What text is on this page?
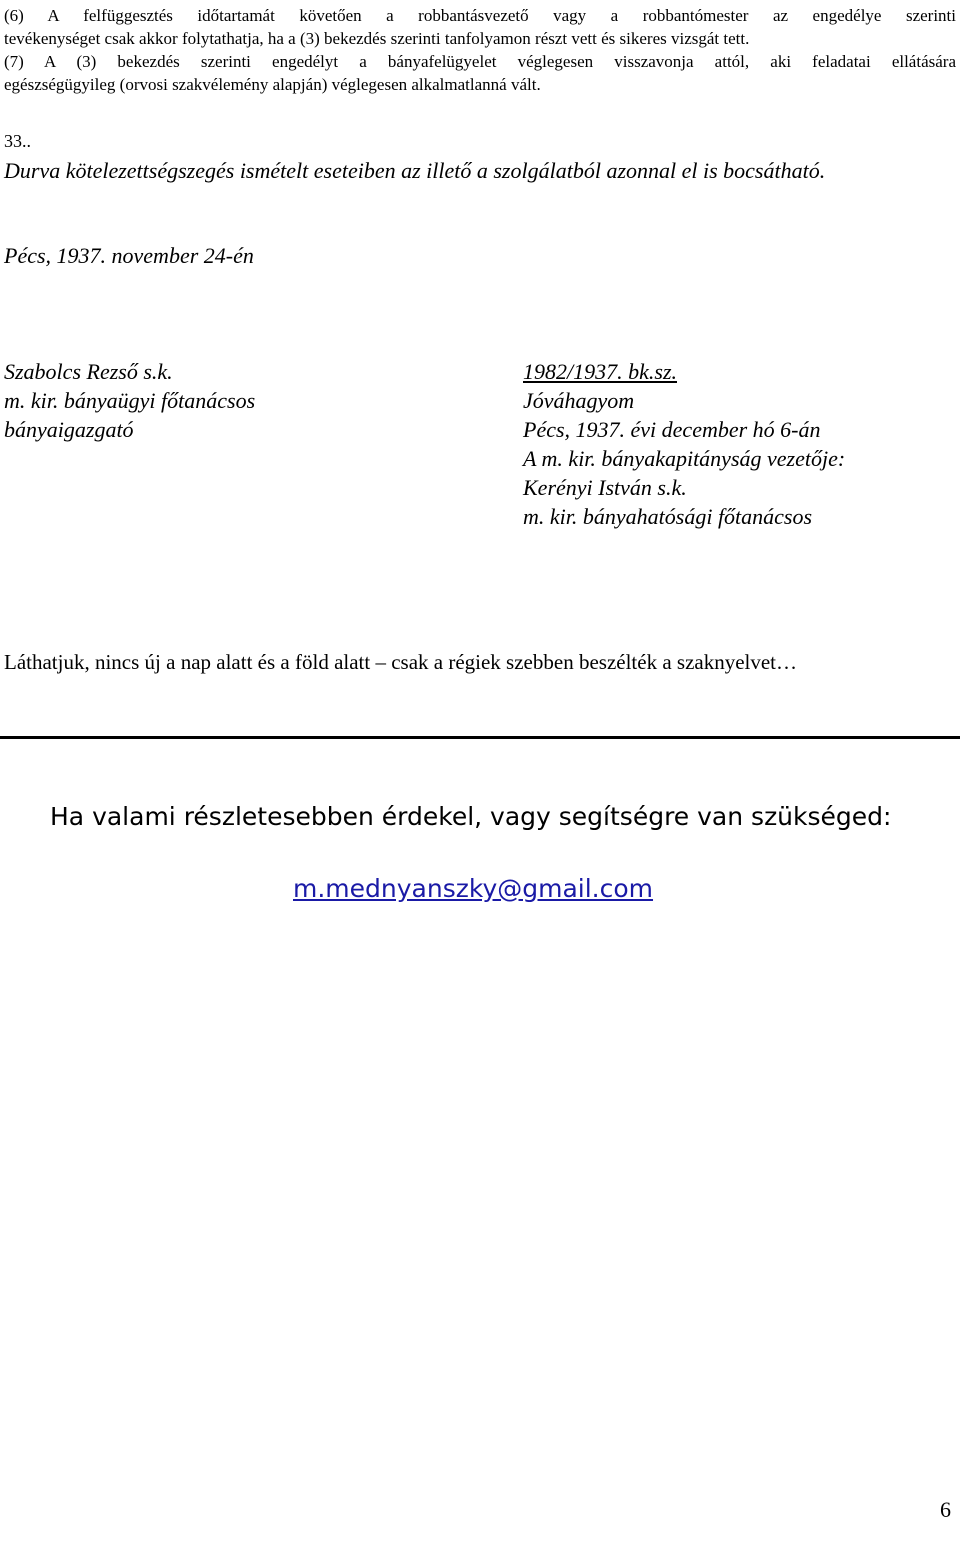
(6) A felfüggesztés időtartamát követően a robbantásvezető vagy a robbantómester az engedélye szerinti
tevékenységet csak akkor folytathatja, ha a (3) bekezdés szerinti tanfolyamon részt vett és sikeres vizsgát tett.
(7) A (3) bekezdés szerinti engedélyt a bányafelügyelet véglegesen visszavonja attól, aki feladatai ellátására
egészségügyileg (orvosi szakvélemény alapján) véglegesen alkalmatlanná vált.
33..
Durva kötelezettségszegés ismételt eseteiben az illető a szolgálatból azonnal el is bocsátható.
Pécs, 1937. november 24-én
Szabolcs Rezső s.k.
m. kir. bányaügyi főtanácsos
bányaigazgató
1982/1937. bk.sz.
Jóváhagyom
Pécs, 1937. évi december hó 6-án
A m. kir. bányakapitányság vezetője:
Kerényi István s.k.
m. kir. bányahatósági főtanácsos
Láthatjuk, nincs új a nap alatt és a föld alatt – csak a régiek szebben beszélték a szaknyelvet…
Ha valami részletesebben érdekel, vagy segítségre van szükséged:
m.mednyanszky@gmail.com
6
